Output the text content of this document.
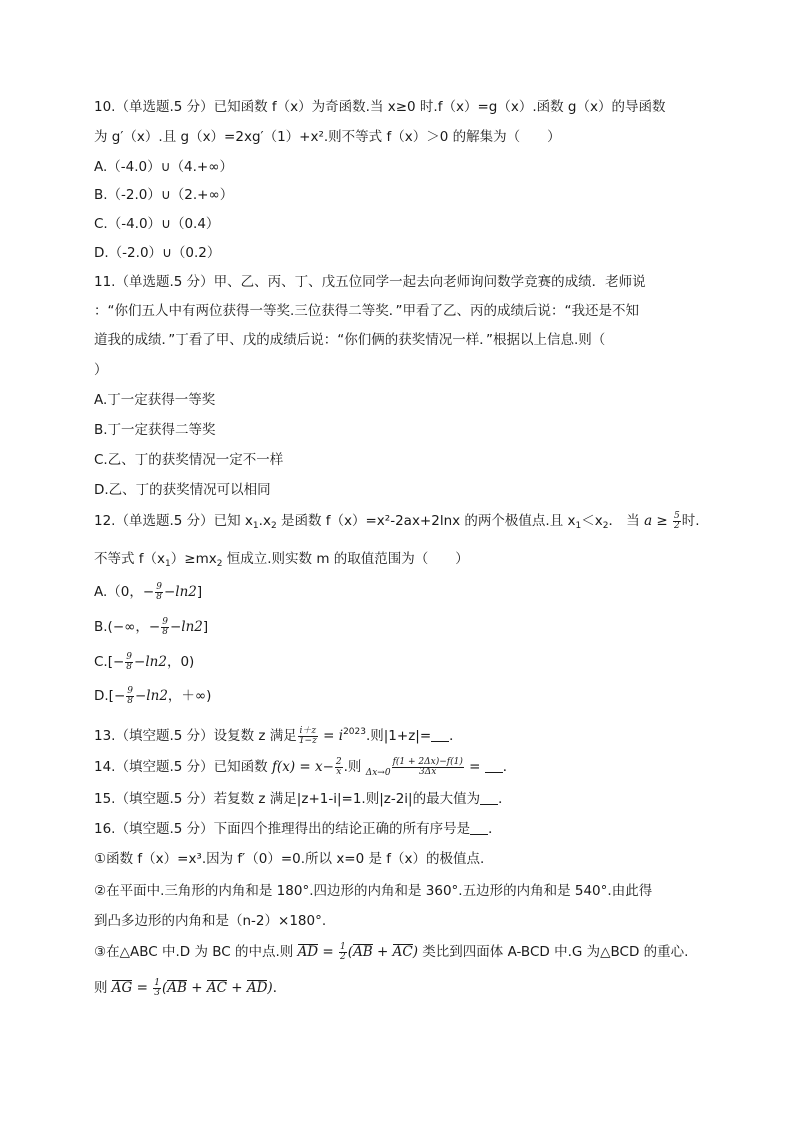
10.（单选题.5 分）已知函数 f（x）为奇函数.当 x≥0 时.f（x）=g（x）.函数 g（x）的导函数
为 g′（x）.且 g（x）=2xg′（1）+x².则不等式 f（x）＞0 的解集为（　　）
A.（-4.0）∪（4.+∞）
B.（-2.0）∪（2.+∞）
C.（-4.0）∪（0.4）
D.（-2.0）∪（0.2）
11.（单选题.5 分）甲、乙、丙、丁、戊五位同学一起去向老师询问数学竞赛的成绩．老师说
：“你们五人中有两位获得一等奖.三位获得二等奖．”甲看了乙、丙的成绩后说：“我还是不知
道我的成绩．”丁看了甲、戊的成绩后说：“你们俩的获奖情况一样．”根据以上信息.则（
）
A.丁一定获得一等奖
B.丁一定获得二等奖
C.乙、丁的获奖情况一定不一样
D.乙、丁的获奖情况可以相同
12.（单选题.5 分）已知 $x_1.x_2$ 是函数 f（x）=x²-2ax+2lnx 的两个极值点.且 $x_1<x_2$． 当 $a \ge \frac{5}{2}$ 时.
不等式 $f(x_1)\ge mx_2$ 恒成立.则实数 m 的取值范围为（　　）
A.（0，− $\frac{9}{8} -\ln 2$]
B.(−∞，− $\frac{9}{8} -\ln 2$]
$C.[- \frac{9}{8} -\ln 2$，0)
$D.[- \frac{9}{8} -\ln 2$，＋∞)
13.（填空题.5 分）设复数 z 满足 $\frac{i+z}{1-z} = i^{2023}$.则|1+z|= ．
14.（填空题.5 分）已知函数 $f(x) = x- \frac{2}{x}$ .则 $_{\Delta x\to 0} \frac{f(1 + 2\Delta x)-f(1)}{3\Delta x}$ = ．
15.（填空题.5 分）若复数 z 满足|z+1-i|=1.则|z-2i|的最大值为 ．
16.（填空题.5 分）下面四个推理得出的结论正确的所有序号是 ．
①函数 f（x）=x³.因为 f′（0）=0.所以 x=0 是 f（x）的极值点.
②在平面中.三角形的内角和是 180°.四边形的内角和是 360°.五边形的内角和是 540°.由此得
到凸多边形的内角和是（n-2）×180°.
③在△ABC 中.D 为 BC 的中点.则 AD = $\frac{1}{2} (AB + AC)$ 类比到四面体 A-BCD 中.G 为△BCD 的重心.
则 AG = $\frac{1}{3} (AB$ + AC + AD)．
